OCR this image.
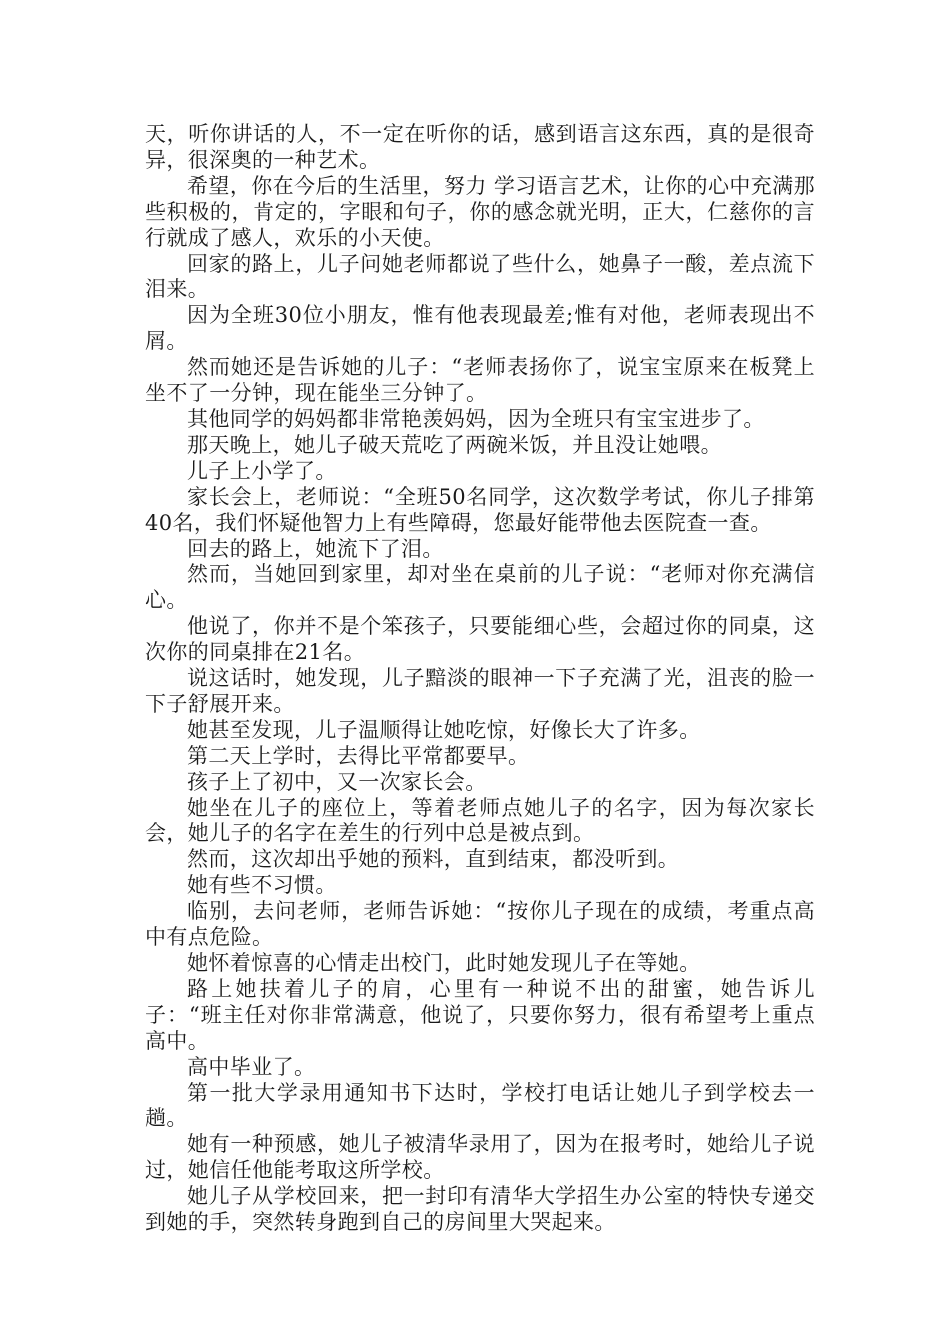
天，听你讲话的人，不一定在听你的话，感到语言这东西，真的是很奇异，很深奥的一种艺术。

希望，你在今后的生活里，努力 学习语言艺术，让你的心中充满那些积极的，肯定的，字眼和句子，你的感念就光明，正大，仁慈你的言行就成了感人，欢乐的小天使。

回家的路上，儿子问她老师都说了些什么，她鼻子一酸，差点流下泪来。

因为全班30位小朋友，惟有他表现最差;惟有对他，老师表现出不屑。

然而她还是告诉她的儿子：“老师表扬你了，说宝宝原来在板凳上坐不了一分钟，现在能坐三分钟了。

其他同学的妈妈都非常艳羡妈妈，因为全班只有宝宝进步了。

那天晚上，她儿子破天荒吃了两碗米饭，并且没让她喂。

儿子上小学了。

家长会上，老师说：“全班50名同学，这次数学考试，你儿子排第40名，我们怀疑他智力上有些障碍，您最好能带他去医院查一查。

回去的路上，她流下了泪。

然而，当她回到家里，却对坐在桌前的儿子说：“老师对你充满信心。

他说了，你并不是个笨孩子，只要能细心些，会超过你的同桌，这次你的同桌排在21名。

说这话时，她发现，儿子黯淡的眼神一下子充满了光，沮丧的脸一下子舒展开来。

她甚至发现，儿子温顺得让她吃惊，好像长大了许多。

第二天上学时，去得比平常都要早。

孩子上了初中，又一次家长会。

她坐在儿子的座位上，等着老师点她儿子的名字，因为每次家长会，她儿子的名字在差生的行列中总是被点到。

然而，这次却出乎她的预料，直到结束，都没听到。

她有些不习惯。

临别，去问老师，老师告诉她：“按你儿子现在的成绩，考重点高中有点危险。

她怀着惊喜的心情走出校门，此时她发现儿子在等她。

路上她扶着儿子的肩，心里有一种说不出的甜蜜，她告诉儿子：“班主任对你非常满意，他说了，只要你努力，很有希望考上重点高中。

高中毕业了。

第一批大学录用通知书下达时，学校打电话让她儿子到学校去一趟。

她有一种预感，她儿子被清华录用了，因为在报考时，她给儿子说过，她信任他能考取这所学校。

她儿子从学校回来，把一封印有清华大学招生办公室的特快专递交到她的手，突然转身跑到自己的房间里大哭起来。
